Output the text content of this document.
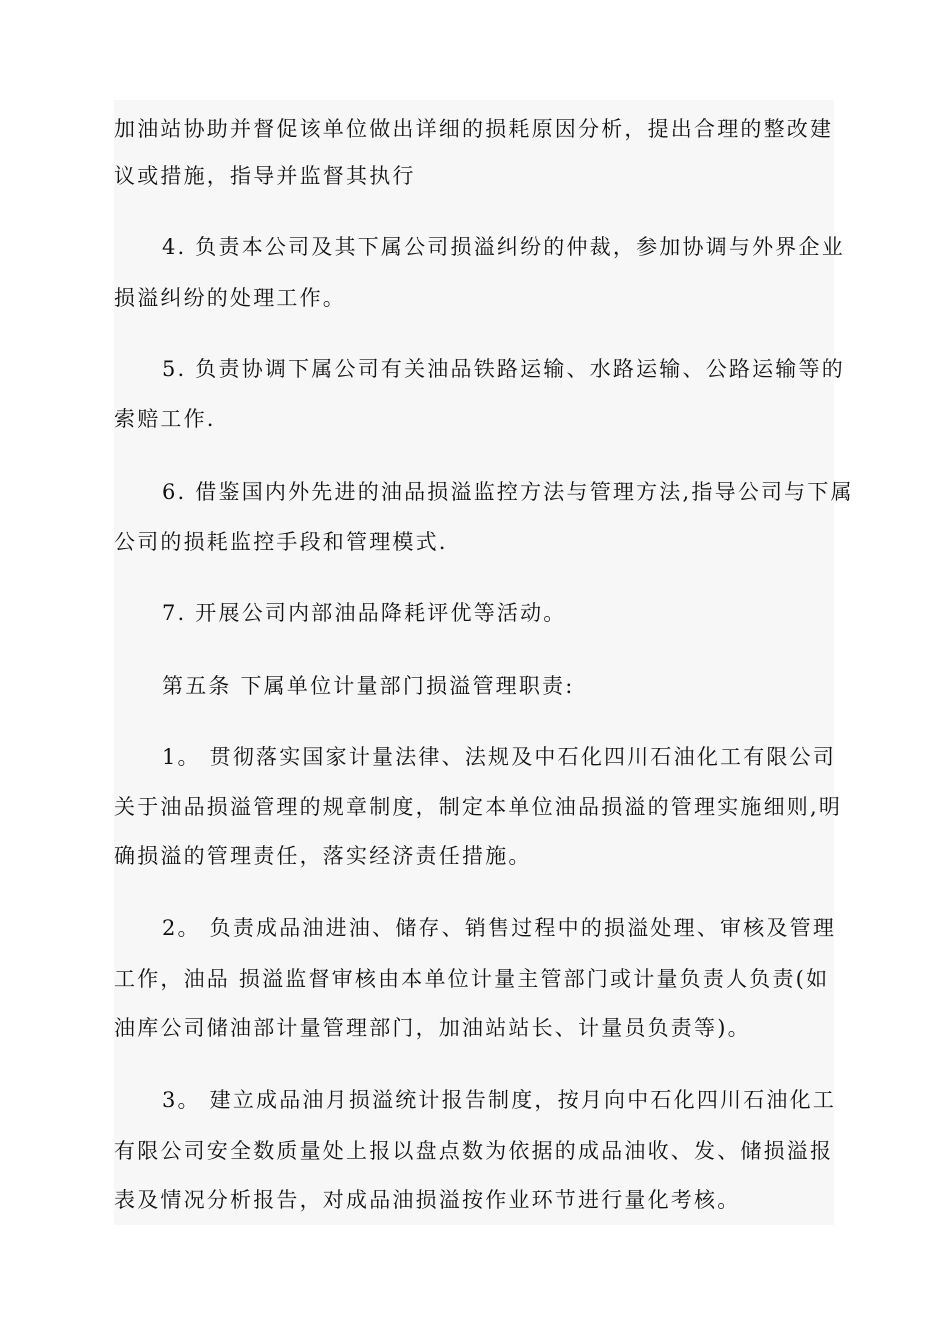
加油站协助并督促该单位做出详细的损耗原因分析，提出合理的整改建
议或措施，指导并监督其执行
4. 负责本公司及其下属公司损溢纠纷的仲裁，参加协调与外界企业
损溢纠纷的处理工作。
5. 负责协调下属公司有关油品铁路运输、水路运输、公路运输等的
索赔工作.
6. 借鉴国内外先进的油品损溢监控方法与管理方法,指导公司与下属
公司的损耗监控手段和管理模式.
7. 开展公司内部油品降耗评优等活动。
第五条 下属单位计量部门损溢管理职责:
1。 贯彻落实国家计量法律、法规及中石化四川石油化工有限公司
关于油品损溢管理的规章制度，制定本单位油品损溢的管理实施细则,明
确损溢的管理责任，落实经济责任措施。
2。 负责成品油进油、储存、销售过程中的损溢处理、审核及管理
工作，油品 损溢监督审核由本单位计量主管部门或计量负责人负责(如
油库公司储油部计量管理部门，加油站站长、计量员负责等)。
3。 建立成品油月损溢统计报告制度，按月向中石化四川石油化工
有限公司安全数质量处上报以盘点数为依据的成品油收、发、储损溢报
表及情况分析报告，对成品油损溢按作业环节进行量化考核。
